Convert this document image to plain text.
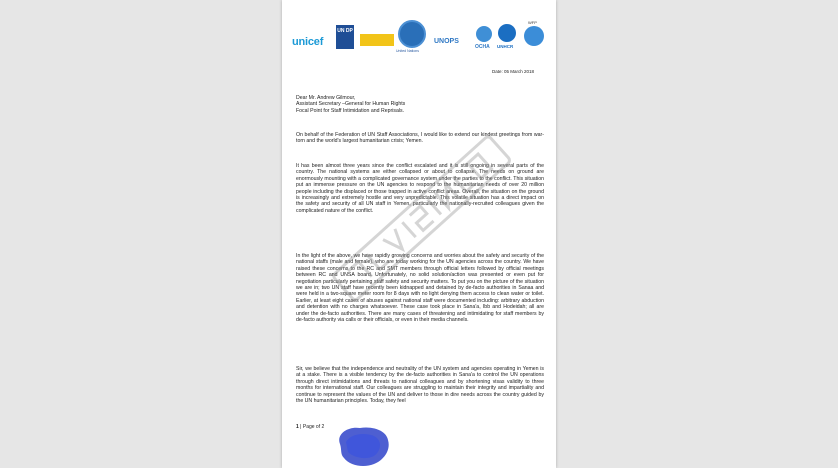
unicef
UN DP
United Nations
UNOPS
OCHA UNHCR
WFP
Date: 05 March 2018
Dear Mr. Andrew Gilmour,
Assistant Secretary –General for Human Rights
Focal Point for Staff Intimidation and Reprisals.
On behalf of the Federation of UN Staff Associations, I would like to extend our kindest greetings from war-torn and the world's largest humanitarian crisis; Yemen.
It has been almost three years since the conflict escalated and it is still ongoing in several parts of the country. The national systems are either collapsed or about to collapse. The needs on ground are enormously mounting with a complicated governance system under the parties to the conflict. This situation put an immense pressure on the UN agencies to respond to the humanitarian needs of over 20 million people including the displaced or those trapped in active conflict areas. Overall, the situation on the ground is increasingly and extremely hostile and very unpredictable. This volatile situation has a direct impact on the safety and security of all UN staff in Yemen, particularly the nationally-recruited colleagues given the complicated nature of the conflict.
In the light of the above, we have rapidly growing concerns and worries about the safety and security of the national staffs (male and female), who are today working for the UN agencies across the country. We have raised these concerns to the RC and SMT members through official letters followed by official meetings between RC and UNSA board. Unfortunately, no solid solution/action was presented or even put for negotiation particularly pertaining staff safety and security matters. To put you on the picture of the situation we are in; two UN staff have recently been kidnapped and detained by de-facto authorities in Sanaa and were held in a two-square meter room for 8 days with no light denying them access to clean water or toilet. Earlier, at least eight cases of abuses against national staff were documented including: arbitrary abduction and detention with no charges whatsoever. These case took place in Sana'a, Ibb and Hodeidah; all are under the de-facto authorities. There are many cases of threatening and intimidating for staff members by de-facto authority via calls or their officials, or even in their media channels.
Sir, we believe that the independence and neutrality of the UN system and agencies operating in Yemen is at a stake. There is a visible tendency by the de-facto authorities in Sana'a to control the UN operations through direct intimidations and threats to national colleagues and by shortening visas validity to three months for international staff. Our colleagues are struggling to maintain their integrity and impartiality and continue to represent the values of the UN and deliver to those in dire needs across the country guided by the UN humanitarian principles. Today, they feel
1 | Page of 2
